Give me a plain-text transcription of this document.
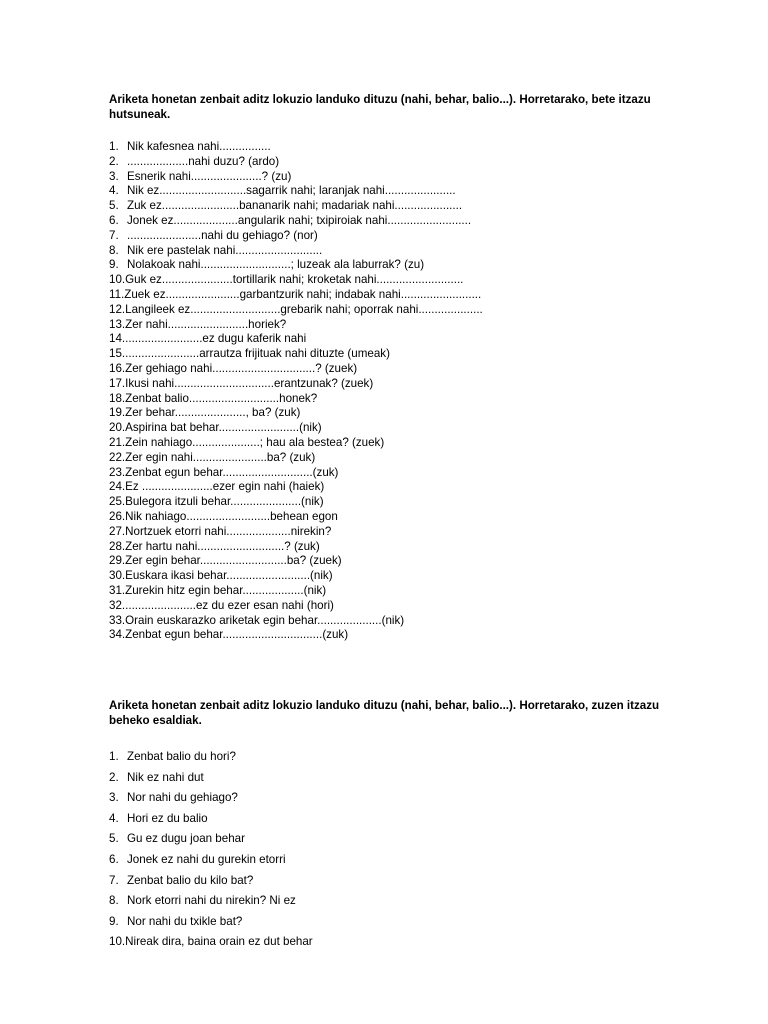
Ariketa honetan zenbait aditz lokuzio landuko dituzu (nahi, behar, balio...). Horretarako, bete itzazu hutsuneak.

1. Nik kafesnea nahi................
2. ...................nahi duzu? (ardo)
3. Esnerik nahi......................? (zu)
4. Nik ez...........................sagarrik nahi; laranjak nahi......................
5. Zuk ez........................bananarik nahi; madariak nahi.....................
6. Jonek ez....................angularik nahi; txipiroiak nahi..........................
7. .......................nahi du gehiago? (nor)
8. Nik ere pastelak nahi...........................
9. Nolakoak nahi............................; luzeak ala laburrak? (zu)
10.Guk ez......................tortillarik nahi; kroketak nahi...........................
11.Zuek ez.......................garbantzurik nahi; indabak nahi.........................
12.Langileek ez............................grebarik nahi; oporrak nahi....................
13.Zer nahi.........................horiek?
14.........................ez dugu kaferik nahi
15........................arrautza frijituak nahi dituzte (umeak)
16.Zer gehiago nahi................................? (zuek)
17.Ikusi nahi...............................erantzunak? (zuek)
18.Zenbat balio............................honek?
19.Zer behar......................, ba? (zuk)
20.Aspirina bat behar.........................(nik)
21.Zein nahiago.....................; hau ala bestea? (zuek)
22.Zer egin nahi.......................ba? (zuk)
23.Zenbat egun behar............................(zuk)
24.Ez ......................ezer egin nahi (haiek)
25.Bulegora itzuli behar......................(nik)
26.Nik nahiago..........................behean egon
27.Nortzuek etorri nahi....................nirekin?
28.Zer hartu nahi...........................? (zuk)
29.Zer egin behar...........................ba? (zuek)
30.Euskara ikasi behar..........................(nik)
31.Zurekin hitz egin behar...................(nik)
32.......................ez du ezer esan nahi (hori)
33.Orain euskarazko ariketak egin behar....................(nik)
34.Zenbat egun behar...............................(zuk)

Ariketa honetan zenbait aditz lokuzio landuko dituzu (nahi, behar, balio...). Horretarako, zuzen itzazu beheko esaldiak.

1. Zenbat balio du hori?
2. Nik ez nahi dut
3. Nor nahi du gehiago?
4. Hori ez du balio
5. Gu ez dugu joan behar
6. Jonek ez nahi du gurekin etorri
7. Zenbat balio du kilo bat?
8. Nork etorri nahi du nirekin? Ni ez
9. Nor nahi du txikle bat?
10.Nireak dira, baina orain ez dut behar
